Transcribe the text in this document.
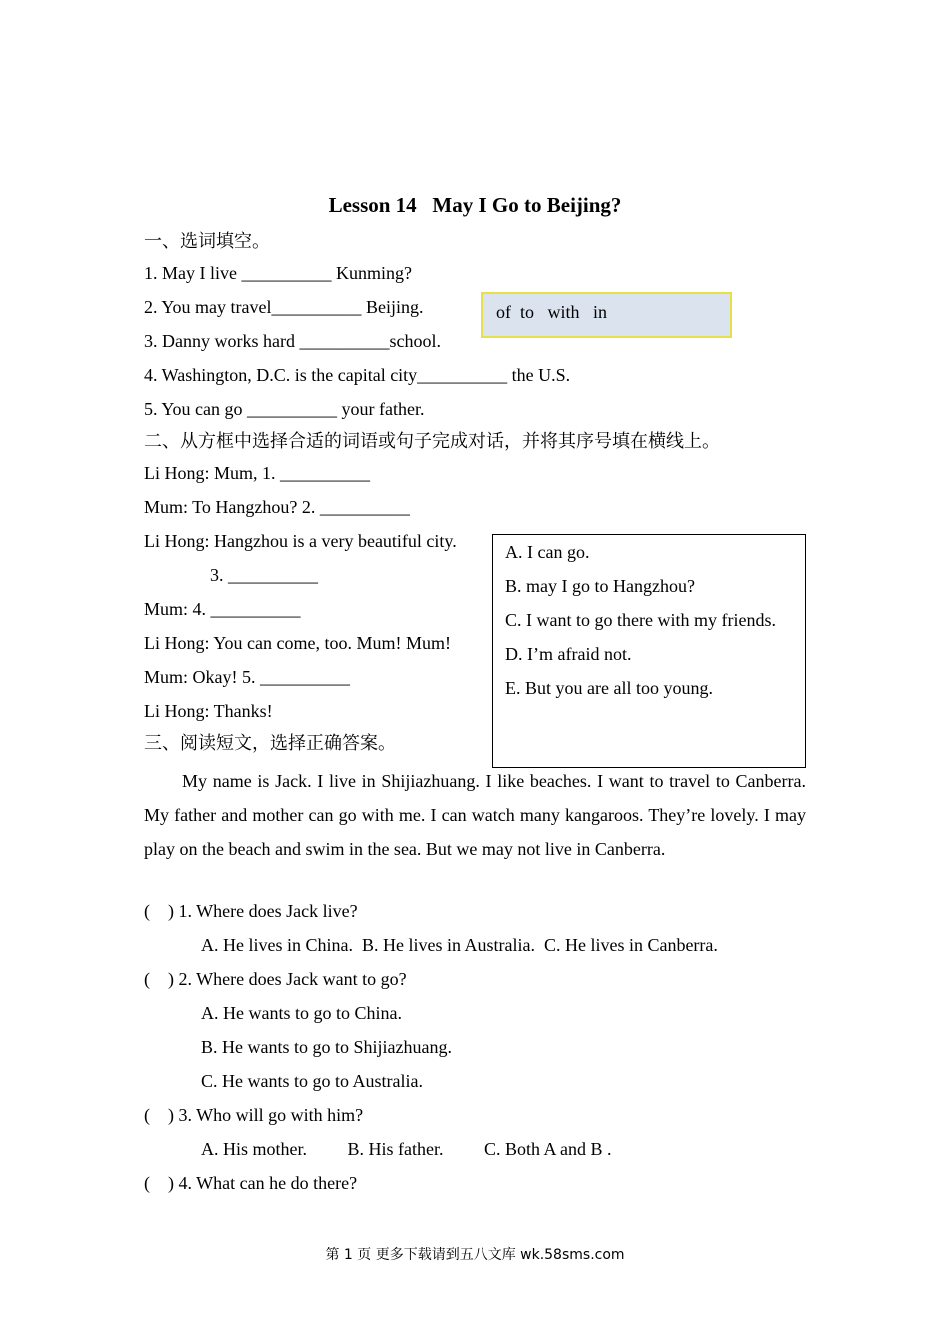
Lesson 14   May I Go to Beijing?
一、选词填空。
1. May I live __________ Kunming?
2. You may travel__________ Beijing.
3. Danny works hard __________school.
4. Washington, D.C. is the capital city__________ the U.S.
5. You can go __________ your father.
of  to   with   in
二、从方框中选择合适的词语或句子完成对话，并将其序号填在横线上。
Li Hong: Mum, 1. __________
Mum: To Hangzhou? 2. __________
Li Hong: Hangzhou is a very beautiful city.
3. __________
Mum: 4. __________
Li Hong: You can come, too. Mum! Mum!
Mum: Okay! 5. __________
Li Hong: Thanks!
A. I can go.
B. may I go to Hangzhou?
C. I want to go there with my friends.
D. I’m afraid not.
E. But you are all too young.
三、阅读短文，选择正确答案。
My name is Jack. I live in Shijiazhuang. I like beaches. I want to travel to Canberra. My father and mother can go with me. I can watch many kangaroos. They’re lovely. I may play on the beach and swim in the sea. But we may not live in Canberra.
(    ) 1. Where does Jack live?
A. He lives in China.  B. He lives in Australia.  C. He lives in Canberra.
(    ) 2. Where does Jack want to go?
A. He wants to go to China.
B. He wants to go to Shijiazhuang.
C. He wants to go to Australia.
(    ) 3. Who will go with him?
A. His mother.         B. His father.         C. Both A and B .
(    ) 4. What can he do there?
第 1 页 更多下载请到五八文库 wk.58sms.com
